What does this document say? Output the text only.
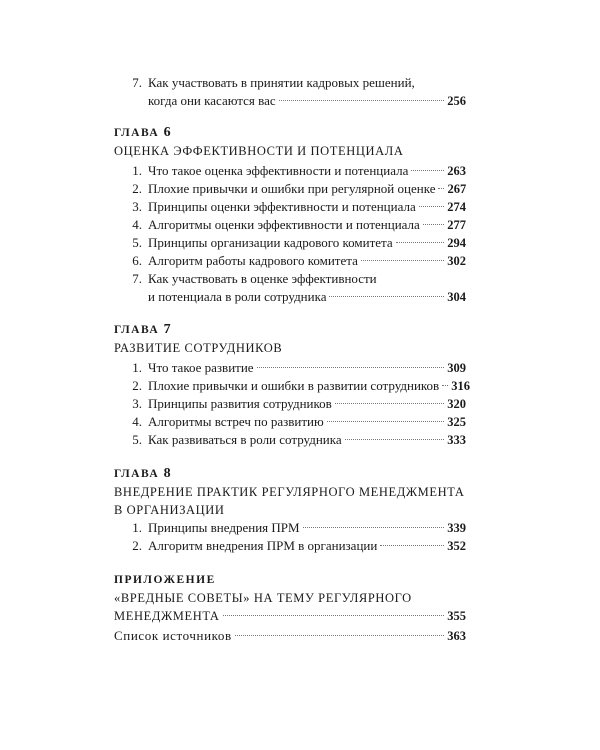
7. Как участвовать в принятии кадровых решений,
когда они касаются вас	256
ГЛАВА 6
ОЦЕНКА ЭФФЕКТИВНОСТИ И ПОТЕНЦИАЛА
1. Что такое оценка эффективности и потенциала	263
2. Плохие привычки и ошибки при регулярной оценке 267
3. Принципы оценки эффективности и потенциала	274
4. Алгоритмы оценки эффективности и потенциала 277
5. Принципы организации кадрового комитета	294
6. Алгоритм работы кадрового комитета	302
7. Как участвовать в оценке эффективности
и потенциала в роли сотрудника	304
ГЛАВА 7
РАЗВИТИЕ СОТРУДНИКОВ
1. Что такое развитие	309
2. Плохие привычки и ошибки в развитии сотрудников 316
3. Принципы развития сотрудников	320
4. Алгоритмы встреч по развитию	325
5. Как развиваться в роли сотрудника	333
ГЛАВА 8
ВНЕДРЕНИЕ ПРАКТИК РЕГУЛЯРНОГО МЕНЕДЖМЕНТА
В ОРГАНИЗАЦИИ
1. Принципы внедрения ПРМ	339
2. Алгоритм внедрения ПРМ в организации	352
ПРИЛОЖЕНИЕ
«ВРЕДНЫЕ СОВЕТЫ» НА ТЕМУ РЕГУЛЯРНОГО
МЕНЕДЖМЕНТА	355
Список источников	363
